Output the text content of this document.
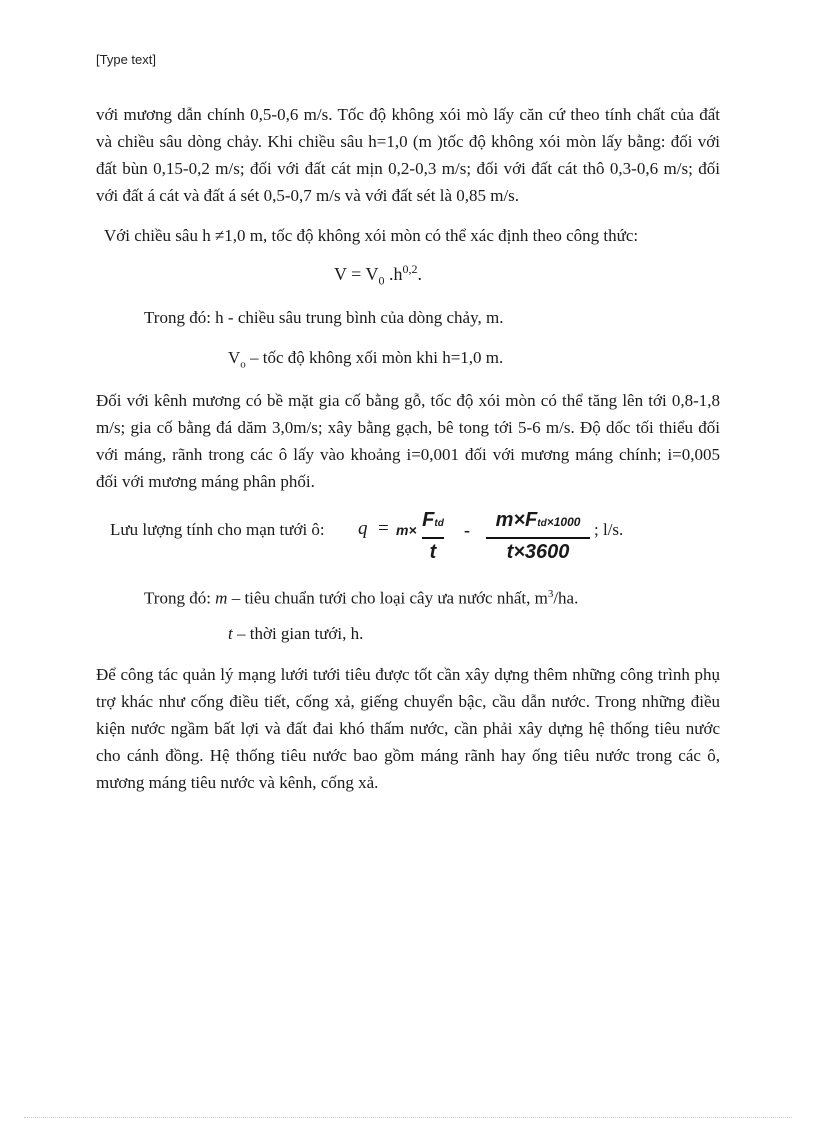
[Type text]

với mương dẫn chính 0,5-0,6 m/s. Tốc độ không xói mò lấy căn cứ theo tính chất của đất và chiều sâu dòng chảy. Khi chiều sâu h=1,0 (m )tốc độ không xói mòn lấy bằng: đối với đất bùn 0,15-0,2 m/s; đối với đất cát mịn 0,2-0,3 m/s; đối với đất cát thô 0,3-0,6 m/s; đối với đất á cát và đất á sét 0,5-0,7 m/s và với đất sét là 0,85 m/s.

Với chiều sâu h ≠1,0 m, tốc độ không xói mòn có thể xác định theo công thức:

$V = V_0$ $.h^{0,2}$.

Trong đó: h - chiều sâu trung bình của dòng chảy, m.

$V_o$ – tốc độ không xối mòn khi h=1,0 m.

Đối với kênh mương có bề mặt gia cố bằng gỗ, tốc độ xói mòn có thể tăng lên tới 0,8-1,8 m/s; gia cố bằng đá dăm 3,0m/s; xây bằng gạch, bê tong tới 5-6 m/s. Độ dốc tối thiểu đối với máng, rãnh trong các ô lấy vào khoảng i=0,001 đối với mương máng chính; i=0,005 đối với mương máng phân phối.

Lưu lượng tính cho mạn tưới ô: q = m× Ftd
t
-	m×Ftd×1000
t×3600
; l/s.

Trong đó: m – tiêu chuẩn tưới cho loại cây ưa nước nhất, $m^3/ha$.

t – thời gian tưới, h.

Để công tác quản lý mạng lưới tưới tiêu được tốt cần xây dựng thêm những công trình phụ trợ khác như cống điều tiết, cống xả, giếng chuyển bậc, cầu dẫn nước. Trong những điều kiện nước ngầm bất lợi và đất đai khó thấm nước, cần phải xây dựng hệ thống tiêu nước cho cánh đồng. Hệ thống tiêu nước bao gồm máng rãnh hay ống tiêu nước trong các ô, mương máng tiêu nước và kênh, cống xả.
